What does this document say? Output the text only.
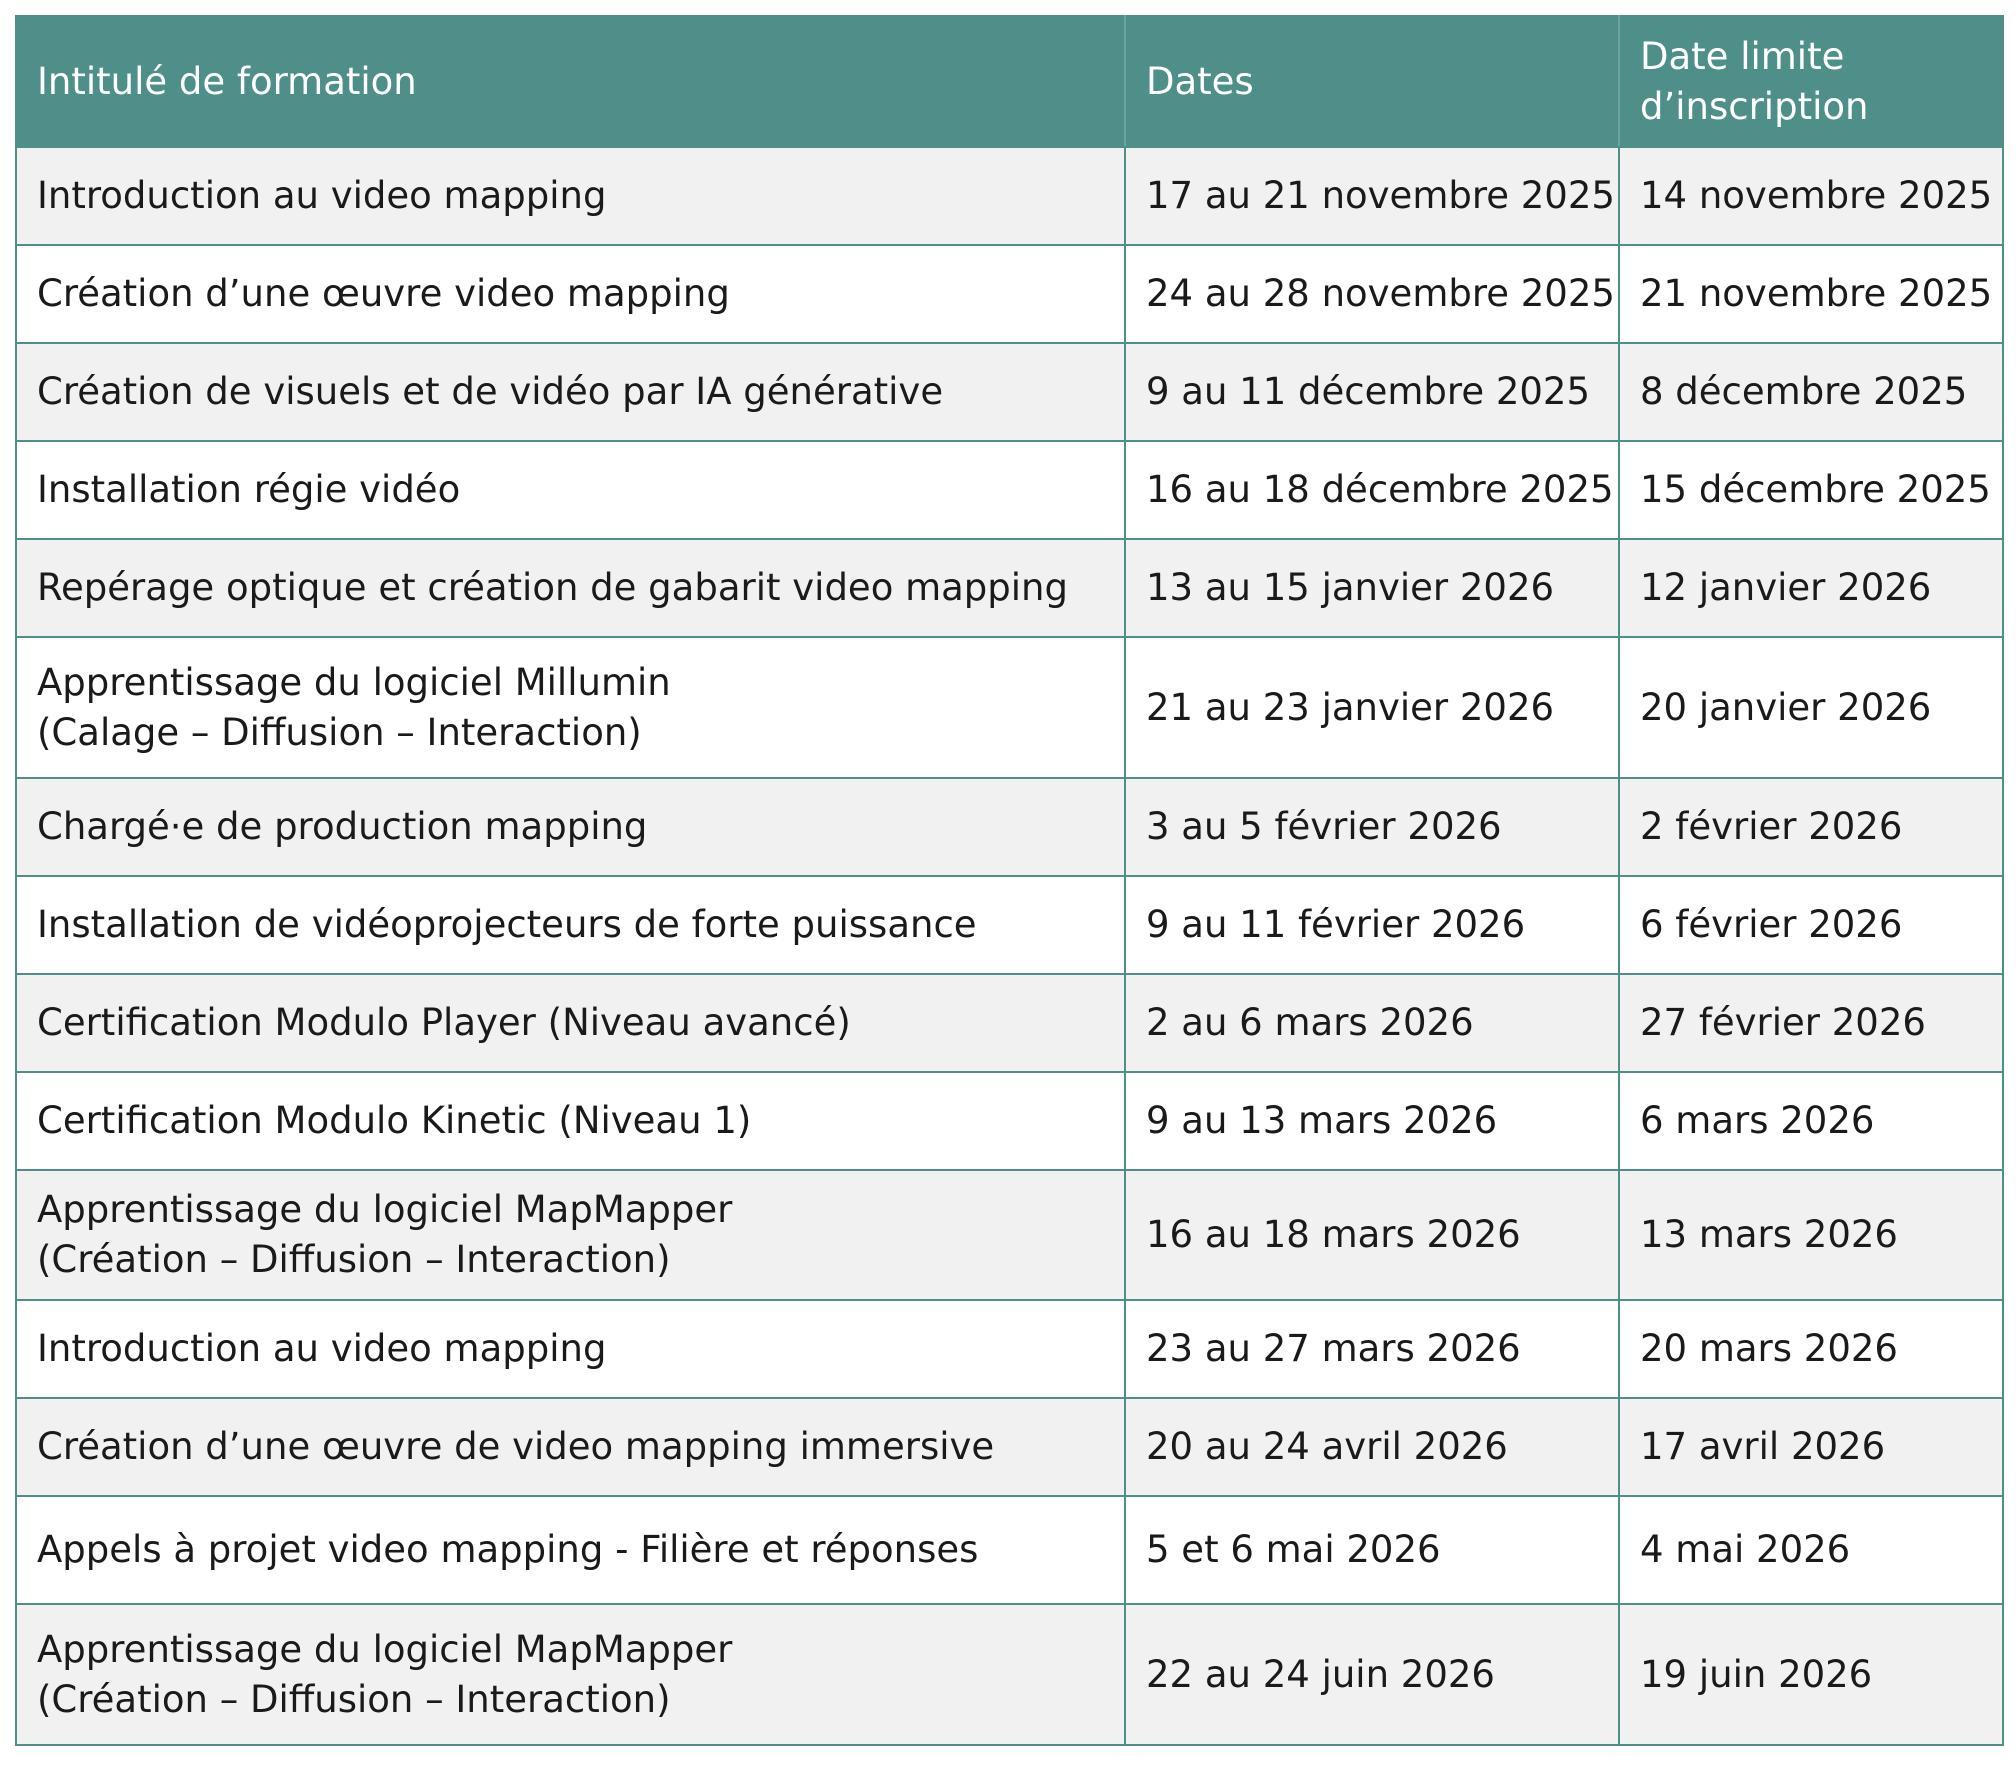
Intitulé de formation	Dates	Date limite
d’inscription

Introduction au video mapping	17 au 21 novembre 2025	14 novembre 2025
Création d’une œuvre video mapping	24 au 28 novembre 2025	21 novembre 2025
Création de visuels et de vidéo par IA générative	9 au 11 décembre 2025	8 décembre 2025
Installation régie vidéo	16 au 18 décembre 2025	15 décembre 2025
Repérage optique et création de gabarit video mapping	13 au 15 janvier 2026	12 janvier 2026

Apprentissage du logiciel Millumin
(Calage – Diffusion – Interaction)	21 au 23 janvier 2026	20 janvier 2026
Chargé·e de production mapping	3 au 5 février 2026	2 février 2026
Installation de vidéoprojecteurs de forte puissance	9 au 11 février 2026	6 février 2026
Certification Modulo Player (Niveau avancé)	2 au 6 mars 2026	27 février 2026
Certification Modulo Kinetic (Niveau 1)	9 au 13 mars 2026	6 mars 2026

Apprentissage du logiciel MapMapper
(Création – Diffusion – Interaction)	16 au 18 mars 2026	13 mars 2026
Introduction au video mapping	23 au 27 mars 2026	20 mars 2026
Création d’une œuvre de video mapping immersive	20 au 24 avril 2026	17 avril 2026
Appels à projet video mapping - Filière et réponses	5 et 6 mai 2026	4 mai 2026

Apprentissage du logiciel MapMapper
(Création – Diffusion – Interaction)	22 au 24 juin 2026	19 juin 2026
